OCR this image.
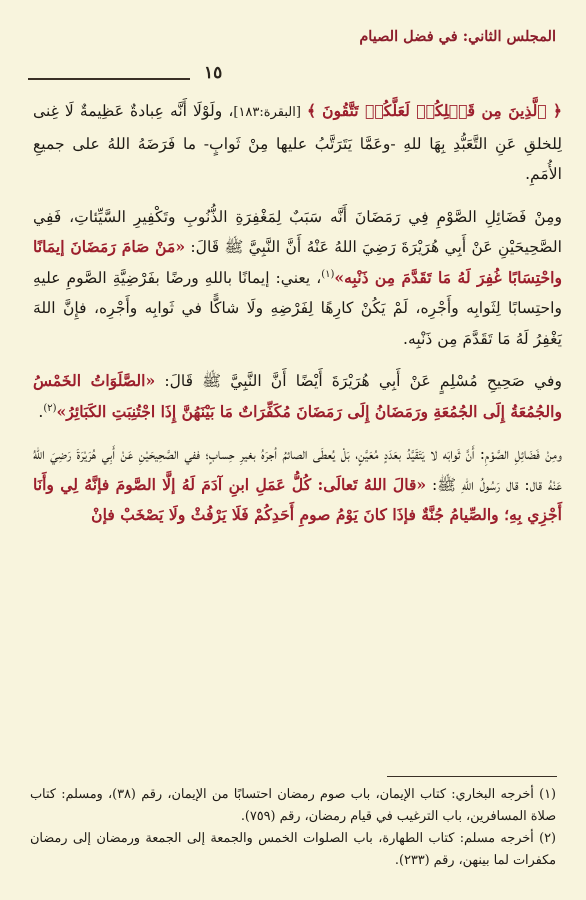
المجلس الثاني: في فضل الصيام
١٥

﴿ ٱلَّذِينَ مِن قَبۡلِكُمۡ لَعَلَّكُمۡ تَتَّقُونَ ﴾ [البقرة:١٨٣]، ولَوْلَا أَنَّه عِبادةٌ عَظِيمةٌ لَا غِنى لِلخلقِ عَنِ التَّعَبُّدِ بِهَا للهِ -وعَمَّا يَتَرَتَّبُ عليها مِنْ ثَوابٍ- ما فَرَضَهُ اللهُ على جميعِ الأُمَمِ.

ومِنْ فَضَائِلِ الصَّوْمِ فِي رَمَضَانَ أَنَّه سَبَبٌ لِمَغْفِرَةِ الذُّنُوبِ وتَكْفِيرِ السَّيِّئاتِ، فَفِي الصَّحِيحَيْنِ عَنْ أَبِي هُرَيْرَةَ رَضِيَ اللهُ عَنْهُ أَنَّ النَّبِيَّ ﷺ قَالَ: «مَنْ صَامَ رَمَضَانَ إيمَانًا واحْتِسَابًا غُفِرَ لَهُ مَا تَقَدَّمَ مِن ذَنْبِه»$^{(١)}$، يعني: إيمانًا باللهِ ورضًا بفَرْضِيَّةِ الصَّومِ عليهِ واحتِسابًا لِثَوابِه وأَجْرِه، لَمْ يَكُنْ كارِهًا لِفَرْضِهِ ولَا شاكًّا في ثَوابِه وأَجْرِه، فإِنَّ اللهَ يَغْفِرُ لَهُ مَا تَقَدَّمَ مِن ذَنْبِه.

وفي صَحِيحِ مُسْلِمٍ عَنْ أَبِي هُرَيْرَةَ أَيْضًا أَنَّ النَّبِيَّ ﷺ قَالَ: «الصَّلَوَاتُ الخَمْسُ والجُمُعَةُ إِلَى الجُمُعَةِ ورَمَضَانُ إِلَى رَمَضَانَ مُكَفِّرَاتٌ مَا بَيْنَهُنَّ إِذَا اجْتُنِبَتِ الكَبَائِرُ»$^{(٢)}$.

ومِنْ فَضَائِلِ الصَّوْمِ: أَنَّ ثَوابَه لا يَتَقَيَّدُ بعَدَدٍ مُعَيَّنٍ، بَلْ يُعطَى الصائمُ أجرَهُ بغيرِ حِسابٍ؛ ففي الصَّحِيحَيْنِ عَنْ أَبِي هُرَيْرَةَ رَضِيَ اللهُ عَنْهُ قال: قال رَسُولُ اللهِ ﷺ: «قالَ اللهُ تَعالَى: كُلُّ عَمَلِ ابنِ آدَمَ لَهُ إلَّا الصَّومَ فإنَّهُ لِي وأَنَا أَجْزِي بِهِ؛ والصِّيامُ جُنَّةٌ فإذَا كانَ يَوْمُ صومِ أَحَدِكُمْ فَلَا يَرْفُثْ ولَا يَصْخَبْ فإنْ

(١) أخرجه البخاري: كتاب الإيمان، باب صوم رمضان احتسابًا من الإيمان، رقم (٣٨)، ومسلم: كتاب صلاة المسافرين، باب الترغيب في قيام رمضان، رقم (٧٥٩).

(٢) أخرجه مسلم: كتاب الطهارة، باب الصلوات الخمس والجمعة إلى الجمعة ورمضان إلى رمضان مكفرات لما بينهن، رقم (٢٣٣).
